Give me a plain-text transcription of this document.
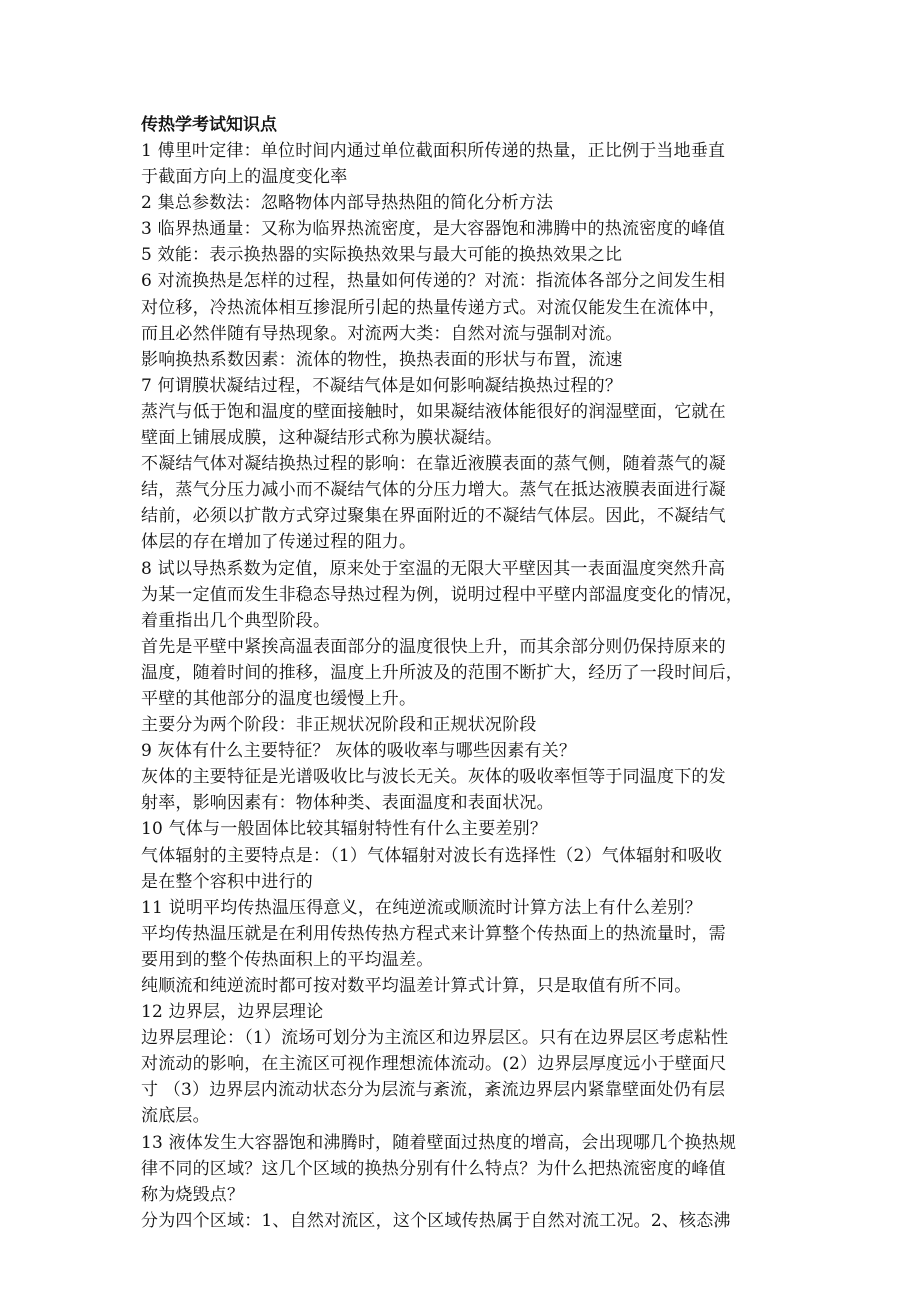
传热学考试知识点
1 傅里叶定律：单位时间内通过单位截面积所传递的热量，正比例于当地垂直
于截面方向上的温度变化率
2 集总参数法：忽略物体内部导热热阻的简化分析方法
3 临界热通量：又称为临界热流密度，是大容器饱和沸腾中的热流密度的峰值
5 效能：表示换热器的实际换热效果与最大可能的换热效果之比
6 对流换热是怎样的过程，热量如何传递的？对流：指流体各部分之间发生相
对位移，冷热流体相互掺混所引起的热量传递方式。对流仅能发生在流体中，
而且必然伴随有导热现象。对流两大类：自然对流与强制对流。
影响换热系数因素：流体的物性，换热表面的形状与布置，流速
7 何谓膜状凝结过程，不凝结气体是如何影响凝结换热过程的？
蒸汽与低于饱和温度的壁面接触时，如果凝结液体能很好的润湿壁面，它就在
壁面上铺展成膜，这种凝结形式称为膜状凝结。
不凝结气体对凝结换热过程的影响：在靠近液膜表面的蒸气侧，随着蒸气的凝
结，蒸气分压力减小而不凝结气体的分压力增大。蒸气在抵达液膜表面进行凝
结前，必须以扩散方式穿过聚集在界面附近的不凝结气体层。因此，不凝结气
体层的存在增加了传递过程的阻力。
8 试以导热系数为定值，原来处于室温的无限大平壁因其一表面温度突然升高
为某一定值而发生非稳态导热过程为例，说明过程中平壁内部温度变化的情况，
着重指出几个典型阶段。
首先是平壁中紧挨高温表面部分的温度很快上升，而其余部分则仍保持原来的
温度，随着时间的推移，温度上升所波及的范围不断扩大，经历了一段时间后，
平壁的其他部分的温度也缓慢上升。
主要分为两个阶段：非正规状况阶段和正规状况阶段
9 灰体有什么主要特征？ 灰体的吸收率与哪些因素有关？
灰体的主要特征是光谱吸收比与波长无关。灰体的吸收率恒等于同温度下的发
射率，影响因素有：物体种类、表面温度和表面状况。
10 气体与一般固体比较其辐射特性有什么主要差别？
气体辐射的主要特点是：（1）气体辐射对波长有选择性（2）气体辐射和吸收
是在整个容积中进行的
11 说明平均传热温压得意义，在纯逆流或顺流时计算方法上有什么差别？
平均传热温压就是在利用传热传热方程式来计算整个传热面上的热流量时，需
要用到的整个传热面积上的平均温差。
纯顺流和纯逆流时都可按对数平均温差计算式计算，只是取值有所不同。
12 边界层，边界层理论
边界层理论：（1）流场可划分为主流区和边界层区。只有在边界层区考虑粘性
对流动的影响，在主流区可视作理想流体流动。(2）边界层厚度远小于壁面尺
寸 （3）边界层内流动状态分为层流与紊流，紊流边界层内紧靠壁面处仍有层
流底层。
13 液体发生大容器饱和沸腾时，随着壁面过热度的增高，会出现哪几个换热规
律不同的区域？这几个区域的换热分别有什么特点？为什么把热流密度的峰值
称为烧毁点？
分为四个区域：1、自然对流区，这个区域传热属于自然对流工况。2、核态沸
